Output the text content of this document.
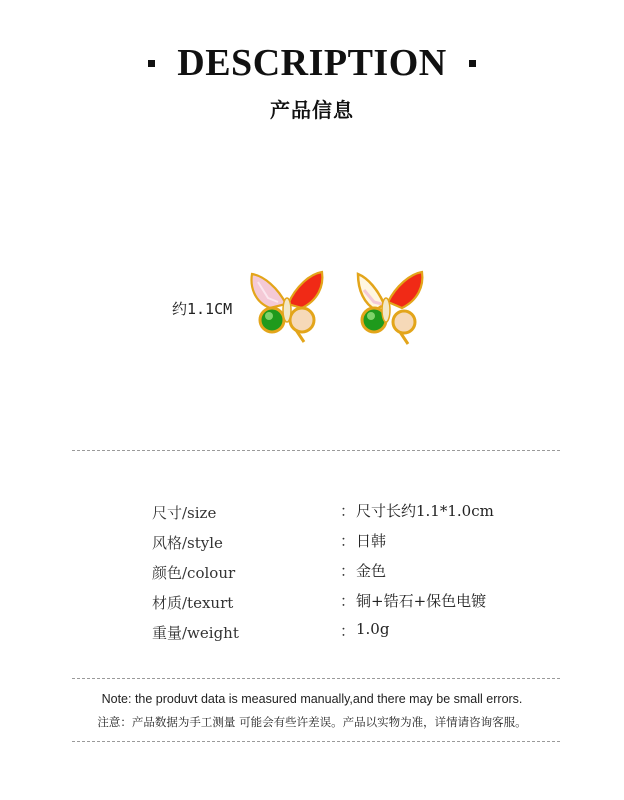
DESCRIPTION
产品信息
约1.1CM
尺寸/size	： 尺寸长约1.1*1.0cm
风格/style	： 日韩
颜色/colour	： 金色
材质/texurt	： 铜+锆石+保色电镀
重量/weight	： 1.0g
Note: the produvt data is measured manually,and there may be small errors.
注意：产品数据为手工测量 可能会有些许差误。产品以实物为准，详情请咨询客服。
